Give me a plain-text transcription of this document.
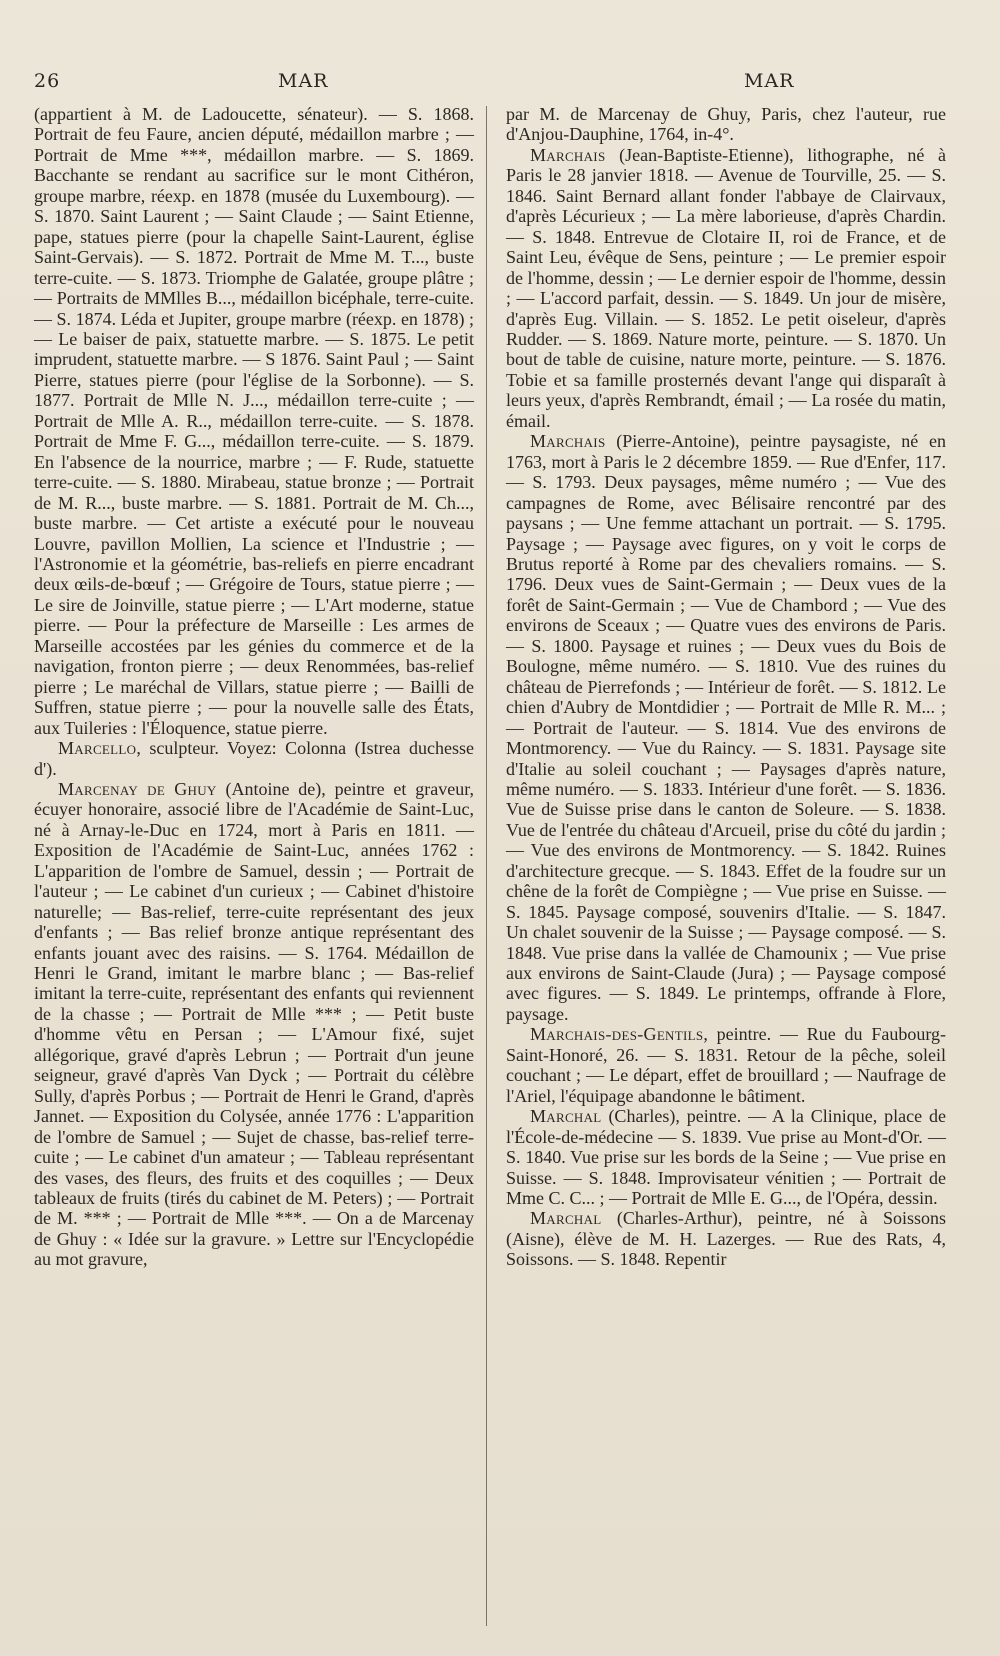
26	MAR	MAR

(appartient à M. de Ladoucette, sénateur). — S. 1868. Portrait de feu Faure, ancien député, médaillon marbre ; — Portrait de Mme ***, médaillon marbre. — S. 1869. Bacchante se rendant au sacrifice sur le mont Cithéron, groupe marbre, réexp. en 1878 (musée du Luxembourg). — S. 1870. Saint Laurent ; — Saint Claude ; — Saint Etienne, pape, statues pierre (pour la chapelle Saint-Laurent, église Saint-Gervais). — S. 1872. Portrait de Mme M. T..., buste terre-cuite. — S. 1873. Triomphe de Galatée, groupe plâtre ; — Portraits de MMlles B..., médaillon bicéphale, terre-cuite. — S. 1874. Léda et Jupiter, groupe marbre (réexp. en 1878) ; — Le baiser de paix, statuette marbre. — S. 1875. Le petit imprudent, statuette marbre. — S 1876. Saint Paul ; — Saint Pierre, statues pierre (pour l'église de la Sorbonne). — S. 1877. Portrait de Mlle N. J..., médaillon terre-cuite ; — Portrait de Mlle A. R.., médaillon terre-cuite. — S. 1878. Portrait de Mme F. G..., médaillon terre-cuite. — S. 1879. En l'absence de la nourrice, marbre ; — F. Rude, statuette terre-cuite. — S. 1880. Mirabeau, statue bronze ; — Portrait de M. R..., buste marbre. — S. 1881. Portrait de M. Ch..., buste marbre. — Cet artiste a exécuté pour le nouveau Louvre, pavillon Mollien, La science et l'Industrie ; — l'Astronomie et la géométrie, bas-reliefs en pierre encadrant deux œils-de-bœuf ; — Grégoire de Tours, statue pierre ; — Le sire de Joinville, statue pierre ; — L'Art moderne, statue pierre. — Pour la préfecture de Marseille : Les armes de Marseille accostées par les génies du commerce et de la navigation, fronton pierre ; — deux Renommées, bas-relief pierre ; Le maréchal de Villars, statue pierre ; — Bailli de Suffren, statue pierre ; — pour la nouvelle salle des États, aux Tuileries : l'Éloquence, statue pierre.

Marcello, sculpteur. Voyez: Colonna (Istrea duchesse d').

Marcenay de Ghuy (Antoine de), peintre et graveur, écuyer honoraire, associé libre de l'Académie de Saint-Luc, né à Arnay-le-Duc en 1724, mort à Paris en 1811. — Exposition de l'Académie de Saint-Luc, années 1762 : L'apparition de l'ombre de Samuel, dessin ; — Portrait de l'auteur ; — Le cabinet d'un curieux ; — Cabinet d'histoire naturelle; — Bas-relief, terre-cuite représentant des jeux d'enfants ; — Bas relief bronze antique représentant des enfants jouant avec des raisins. — S. 1764. Médaillon de Henri le Grand, imitant le marbre blanc ; — Bas-relief imitant la terre-cuite, représentant des enfants qui reviennent de la chasse ; — Portrait de Mlle *** ; — Petit buste d'homme vêtu en Persan ; — L'Amour fixé, sujet allégorique, gravé d'après Lebrun ; — Portrait d'un jeune seigneur, gravé d'après Van Dyck ; — Portrait du célèbre Sully, d'après Porbus ; — Portrait de Henri le Grand, d'après Jannet. — Exposition du Colysée, année 1776 : L'apparition de l'ombre de Samuel ; — Sujet de chasse, bas-relief terre-cuite ; — Le cabinet d'un amateur ; — Tableau représentant des vases, des fleurs, des fruits et des coquilles ; — Deux tableaux de fruits (tirés du cabinet de M. Peters) ; — Portrait de M. *** ; — Portrait de Mlle ***. — On a de Marcenay de Ghuy : « Idée sur la gravure. » Lettre sur l'Encyclopédie au mot gravure,

par M. de Marcenay de Ghuy, Paris, chez l'auteur, rue d'Anjou-Dauphine, 1764, in-4°.

Marchais (Jean-Baptiste-Etienne), lithographe, né à Paris le 28 janvier 1818. — Avenue de Tourville, 25. — S. 1846. Saint Bernard allant fonder l'abbaye de Clairvaux, d'après Lécurieux ; — La mère laborieuse, d'après Chardin. — S. 1848. Entrevue de Clotaire II, roi de France, et de Saint Leu, évêque de Sens, peinture ; — Le premier espoir de l'homme, dessin ; — Le dernier espoir de l'homme, dessin ; — L'accord parfait, dessin. — S. 1849. Un jour de misère, d'après Eug. Villain. — S. 1852. Le petit oiseleur, d'après Rudder. — S. 1869. Nature morte, peinture. — S. 1870. Un bout de table de cuisine, nature morte, peinture. — S. 1876. Tobie et sa famille prosternés devant l'ange qui disparaît à leurs yeux, d'après Rembrandt, émail ; — La rosée du matin, émail.

Marchais (Pierre-Antoine), peintre paysagiste, né en 1763, mort à Paris le 2 décembre 1859. — Rue d'Enfer, 117. — S. 1793. Deux paysages, même numéro ; — Vue des campagnes de Rome, avec Bélisaire rencontré par des paysans ; — Une femme attachant un portrait. — S. 1795. Paysage ; — Paysage avec figures, on y voit le corps de Brutus reporté à Rome par des chevaliers romains. — S. 1796. Deux vues de Saint-Germain ; — Deux vues de la forêt de Saint-Germain ; — Vue de Chambord ; — Vue des environs de Sceaux ; — Quatre vues des environs de Paris. — S. 1800. Paysage et ruines ; — Deux vues du Bois de Boulogne, même numéro. — S. 1810. Vue des ruines du château de Pierrefonds ; — Intérieur de forêt. — S. 1812. Le chien d'Aubry de Montdidier ; — Portrait de Mlle R. M... ; — Portrait de l'auteur. — S. 1814. Vue des environs de Montmorency. — Vue du Raincy. — S. 1831. Paysage site d'Italie au soleil couchant ; — Paysages d'après nature, même numéro. — S. 1833. Intérieur d'une forêt. — S. 1836. Vue de Suisse prise dans le canton de Soleure. — S. 1838. Vue de l'entrée du château d'Arcueil, prise du côté du jardin ; — Vue des environs de Montmorency. — S. 1842. Ruines d'architecture grecque. — S. 1843. Effet de la foudre sur un chêne de la forêt de Compiègne ; — Vue prise en Suisse. — S. 1845. Paysage composé, souvenirs d'Italie. — S. 1847. Un chalet souvenir de la Suisse ; — Paysage composé. — S. 1848. Vue prise dans la vallée de Chamounix ; — Vue prise aux environs de Saint-Claude (Jura) ; — Paysage composé avec figures. — S. 1849. Le printemps, offrande à Flore, paysage.

Marchais-des-Gentils, peintre. — Rue du Faubourg-Saint-Honoré, 26. — S. 1831. Retour de la pêche, soleil couchant ; — Le départ, effet de brouillard ; — Naufrage de l'Ariel, l'équipage abandonne le bâtiment.

Marchal (Charles), peintre. — A la Clinique, place de l'École-de-médecine — S. 1839. Vue prise au Mont-d'Or. — S. 1840. Vue prise sur les bords de la Seine ; — Vue prise en Suisse. — S. 1848. Improvisateur vénitien ; — Portrait de Mme C. C... ; — Portrait de Mlle E. G..., de l'Opéra, dessin.

Marchal (Charles-Arthur), peintre, né à Soissons (Aisne), élève de M. H. Lazerges. — Rue des Rats, 4, Soissons. — S. 1848. Repentir
